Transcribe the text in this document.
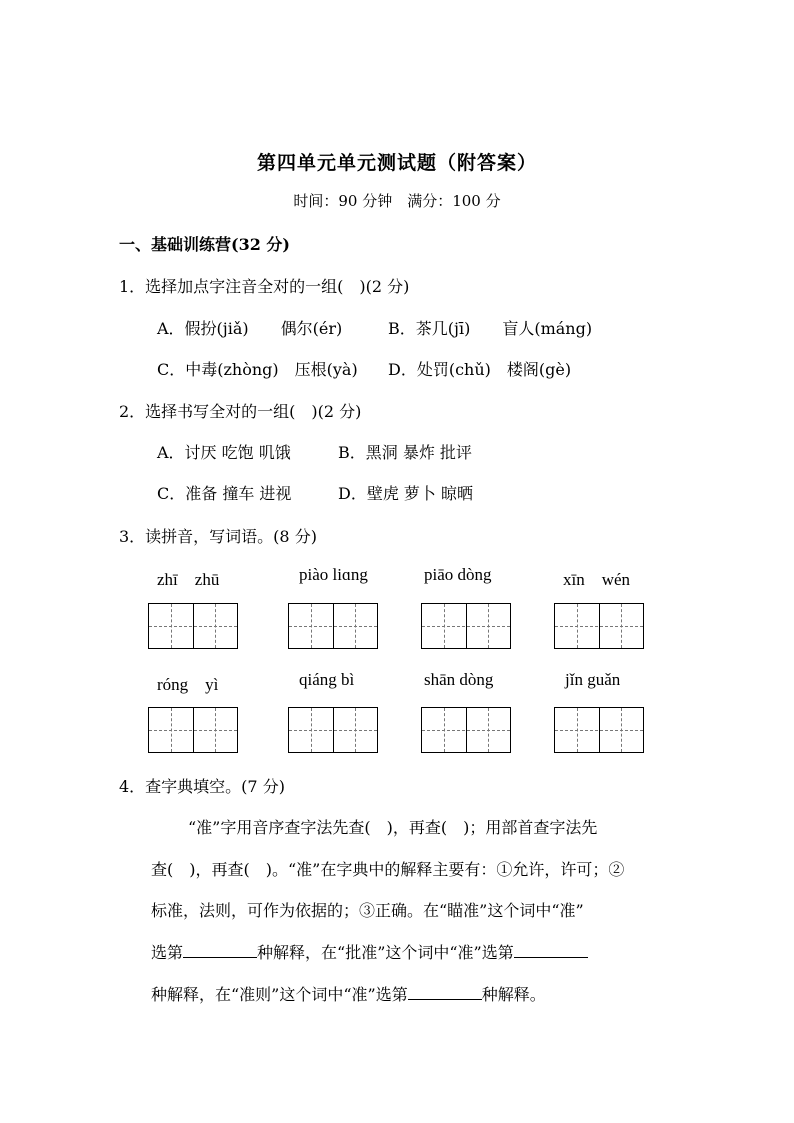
第四单元单元测试题（附答案）
时间：90 分钟　满分：100 分
一、基础训练营(32 分)
1．选择加点字注音全对的一组(　)(2 分)
A．假扮(jiǎ)　　偶尔(ér)	B．茶几(jī)　　盲人(máng)
C．中毒(zhòng)　压根(yà) D．处罚(chǔ)　楼阁(gè)
2．选择书写全对的一组(　)(2 分)
A．讨厌 吃饱 叽饿	B．黑洞 暴炸 批评
C．准备 撞车 进视	D．壁虎 萝卜 晾晒
3．读拼音，写词语。(8 分)
zhī　zhū	piào liɑng	piāo dòng	xīn　wén
róng　yì	qiáng bì	shān dòng	jǐn guǎn
4．查字典填空。(7 分)
“准”字用音序查字法先查(　)，再查(　)；用部首查字法先
查(　)，再查(　)。“准”在字典中的解释主要有：①允许，许可；②
标准，法则，可作为依据的；③正确。在“瞄准”这个词中“准”
选第	种解释，在“批准”这个词中“准”选第
种解释，在“准则”这个词中“准”选第	种解释。
